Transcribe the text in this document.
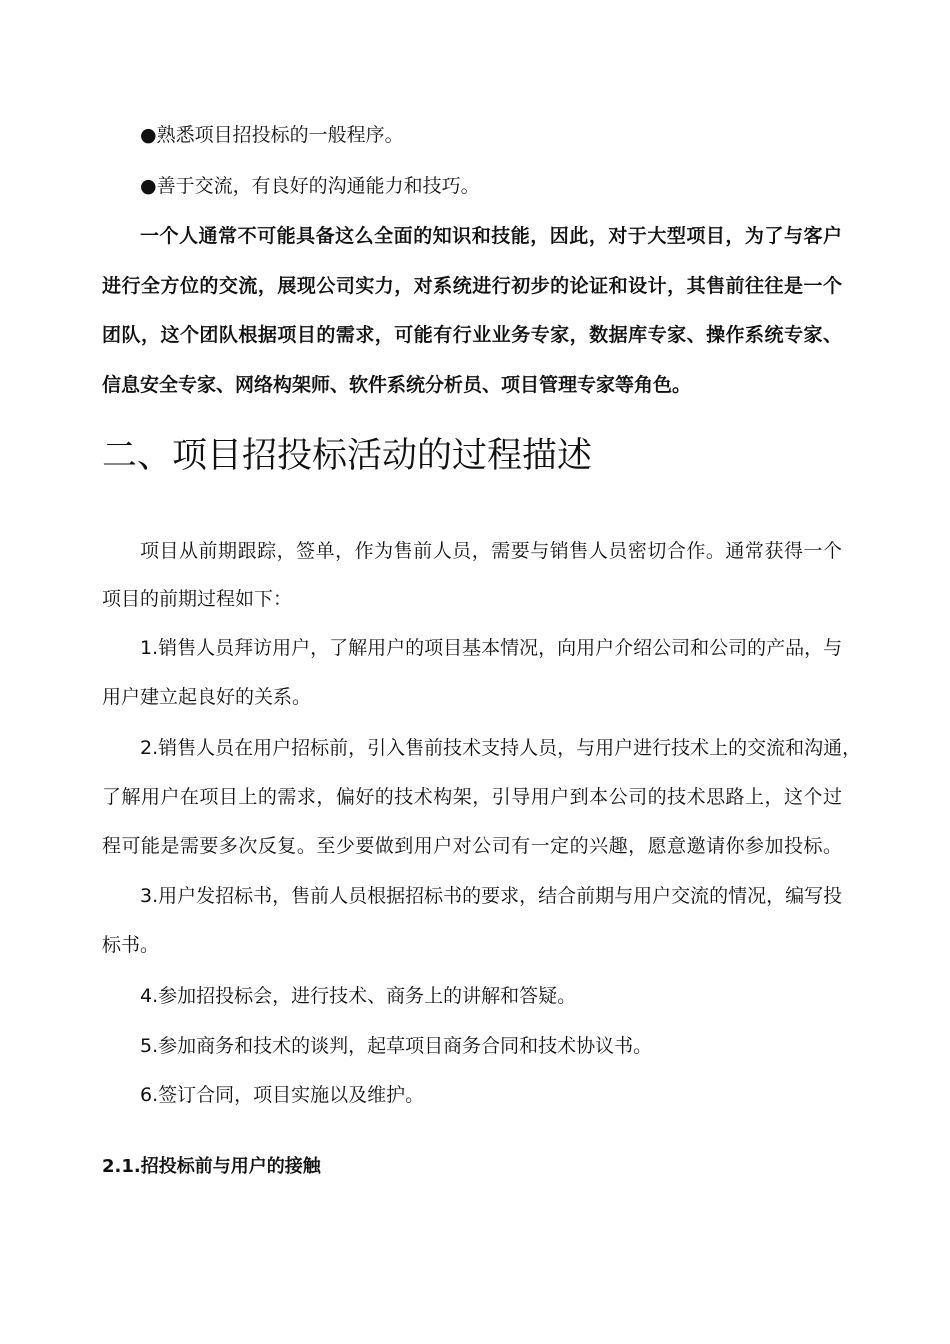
●熟悉项目招投标的一般程序。
●善于交流，有良好的沟通能力和技巧。
一个人通常不可能具备这么全面的知识和技能，因此，对于大型项目，为了与客户
进行全方位的交流，展现公司实力，对系统进行初步的论证和设计，其售前往往是一个
团队，这个团队根据项目的需求，可能有行业业务专家，数据库专家、操作系统专家、
信息安全专家、网络构架师、软件系统分析员、项目管理专家等角色。
二、项目招投标活动的过程描述
项目从前期跟踪，签单，作为售前人员，需要与销售人员密切合作。通常获得一个
项目的前期过程如下：
1.销售人员拜访用户，了解用户的项目基本情况，向用户介绍公司和公司的产品，与
用户建立起良好的关系。
2.销售人员在用户招标前，引入售前技术支持人员，与用户进行技术上的交流和沟通，
了解用户在项目上的需求，偏好的技术构架，引导用户到本公司的技术思路上，这个过
程可能是需要多次反复。至少要做到用户对公司有一定的兴趣，愿意邀请你参加投标。
3.用户发招标书，售前人员根据招标书的要求，结合前期与用户交流的情况，编写投
标书。
4.参加招投标会，进行技术、商务上的讲解和答疑。
5.参加商务和技术的谈判，起草项目商务合同和技术协议书。
6.签订合同，项目实施以及维护。
2.1.招投标前与用户的接触
